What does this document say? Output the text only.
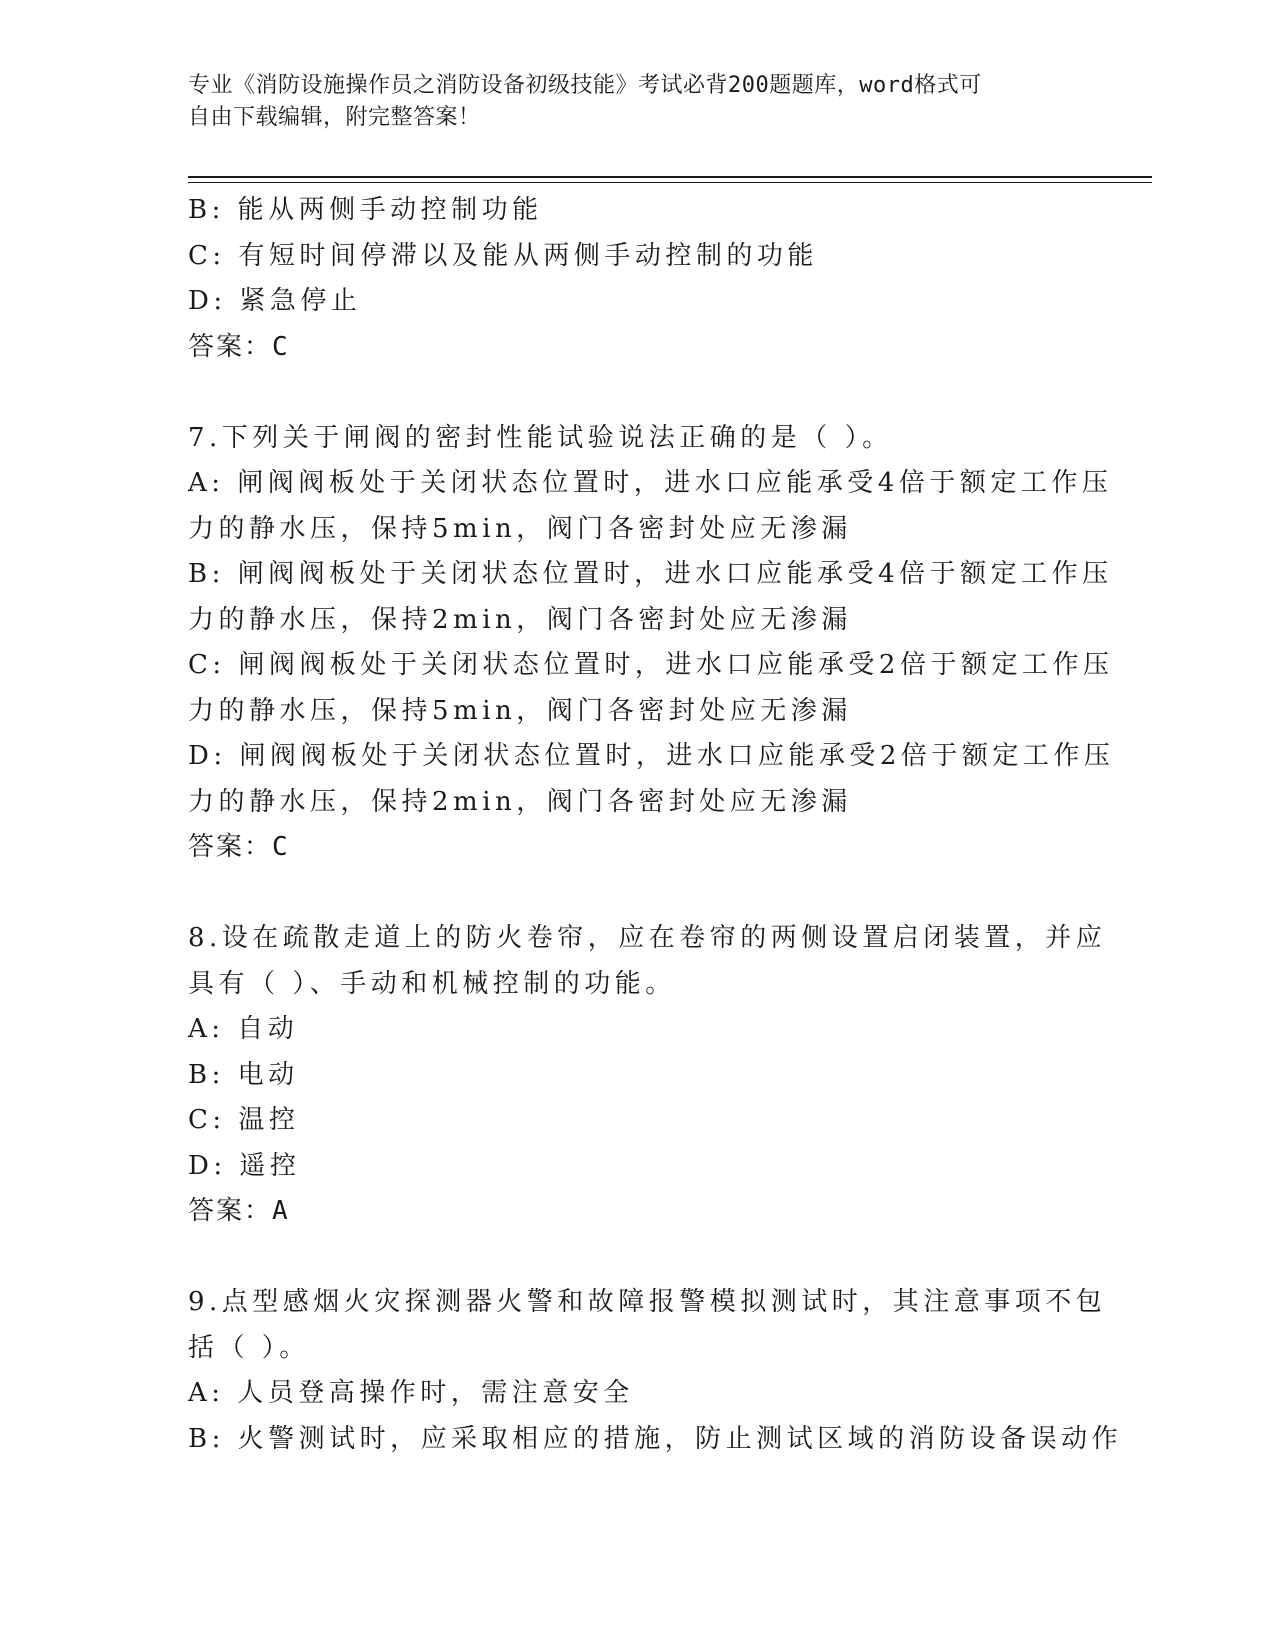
专业《消防设施操作员之消防设备初级技能》考试必背200题题库，word格式可
自由下载编辑，附完整答案！
B: 能从两侧手动控制功能
C: 有短时间停滞以及能从两侧手动控制的功能
D: 紧急停止
答案：C
7.下列关于闸阀的密封性能试验说法正确的是（ ）。
A: 闸阀阀板处于关闭状态位置时，进水口应能承受4倍于额定工作压
力的静水压，保持5min，阀门各密封处应无渗漏
B: 闸阀阀板处于关闭状态位置时，进水口应能承受4倍于额定工作压
力的静水压，保持2min，阀门各密封处应无渗漏
C: 闸阀阀板处于关闭状态位置时，进水口应能承受2倍于额定工作压
力的静水压，保持5min，阀门各密封处应无渗漏
D: 闸阀阀板处于关闭状态位置时，进水口应能承受2倍于额定工作压
力的静水压，保持2min，阀门各密封处应无渗漏
答案：C
8.设在疏散走道上的防火卷帘，应在卷帘的两侧设置启闭装置，并应
具有（ ）、手动和机械控制的功能。
A: 自动
B: 电动
C: 温控
D: 遥控
答案：A
9.点型感烟火灾探测器火警和故障报警模拟测试时，其注意事项不包
括（ ）。
A: 人员登高操作时，需注意安全
B: 火警测试时，应采取相应的措施，防止测试区域的消防设备误动作
